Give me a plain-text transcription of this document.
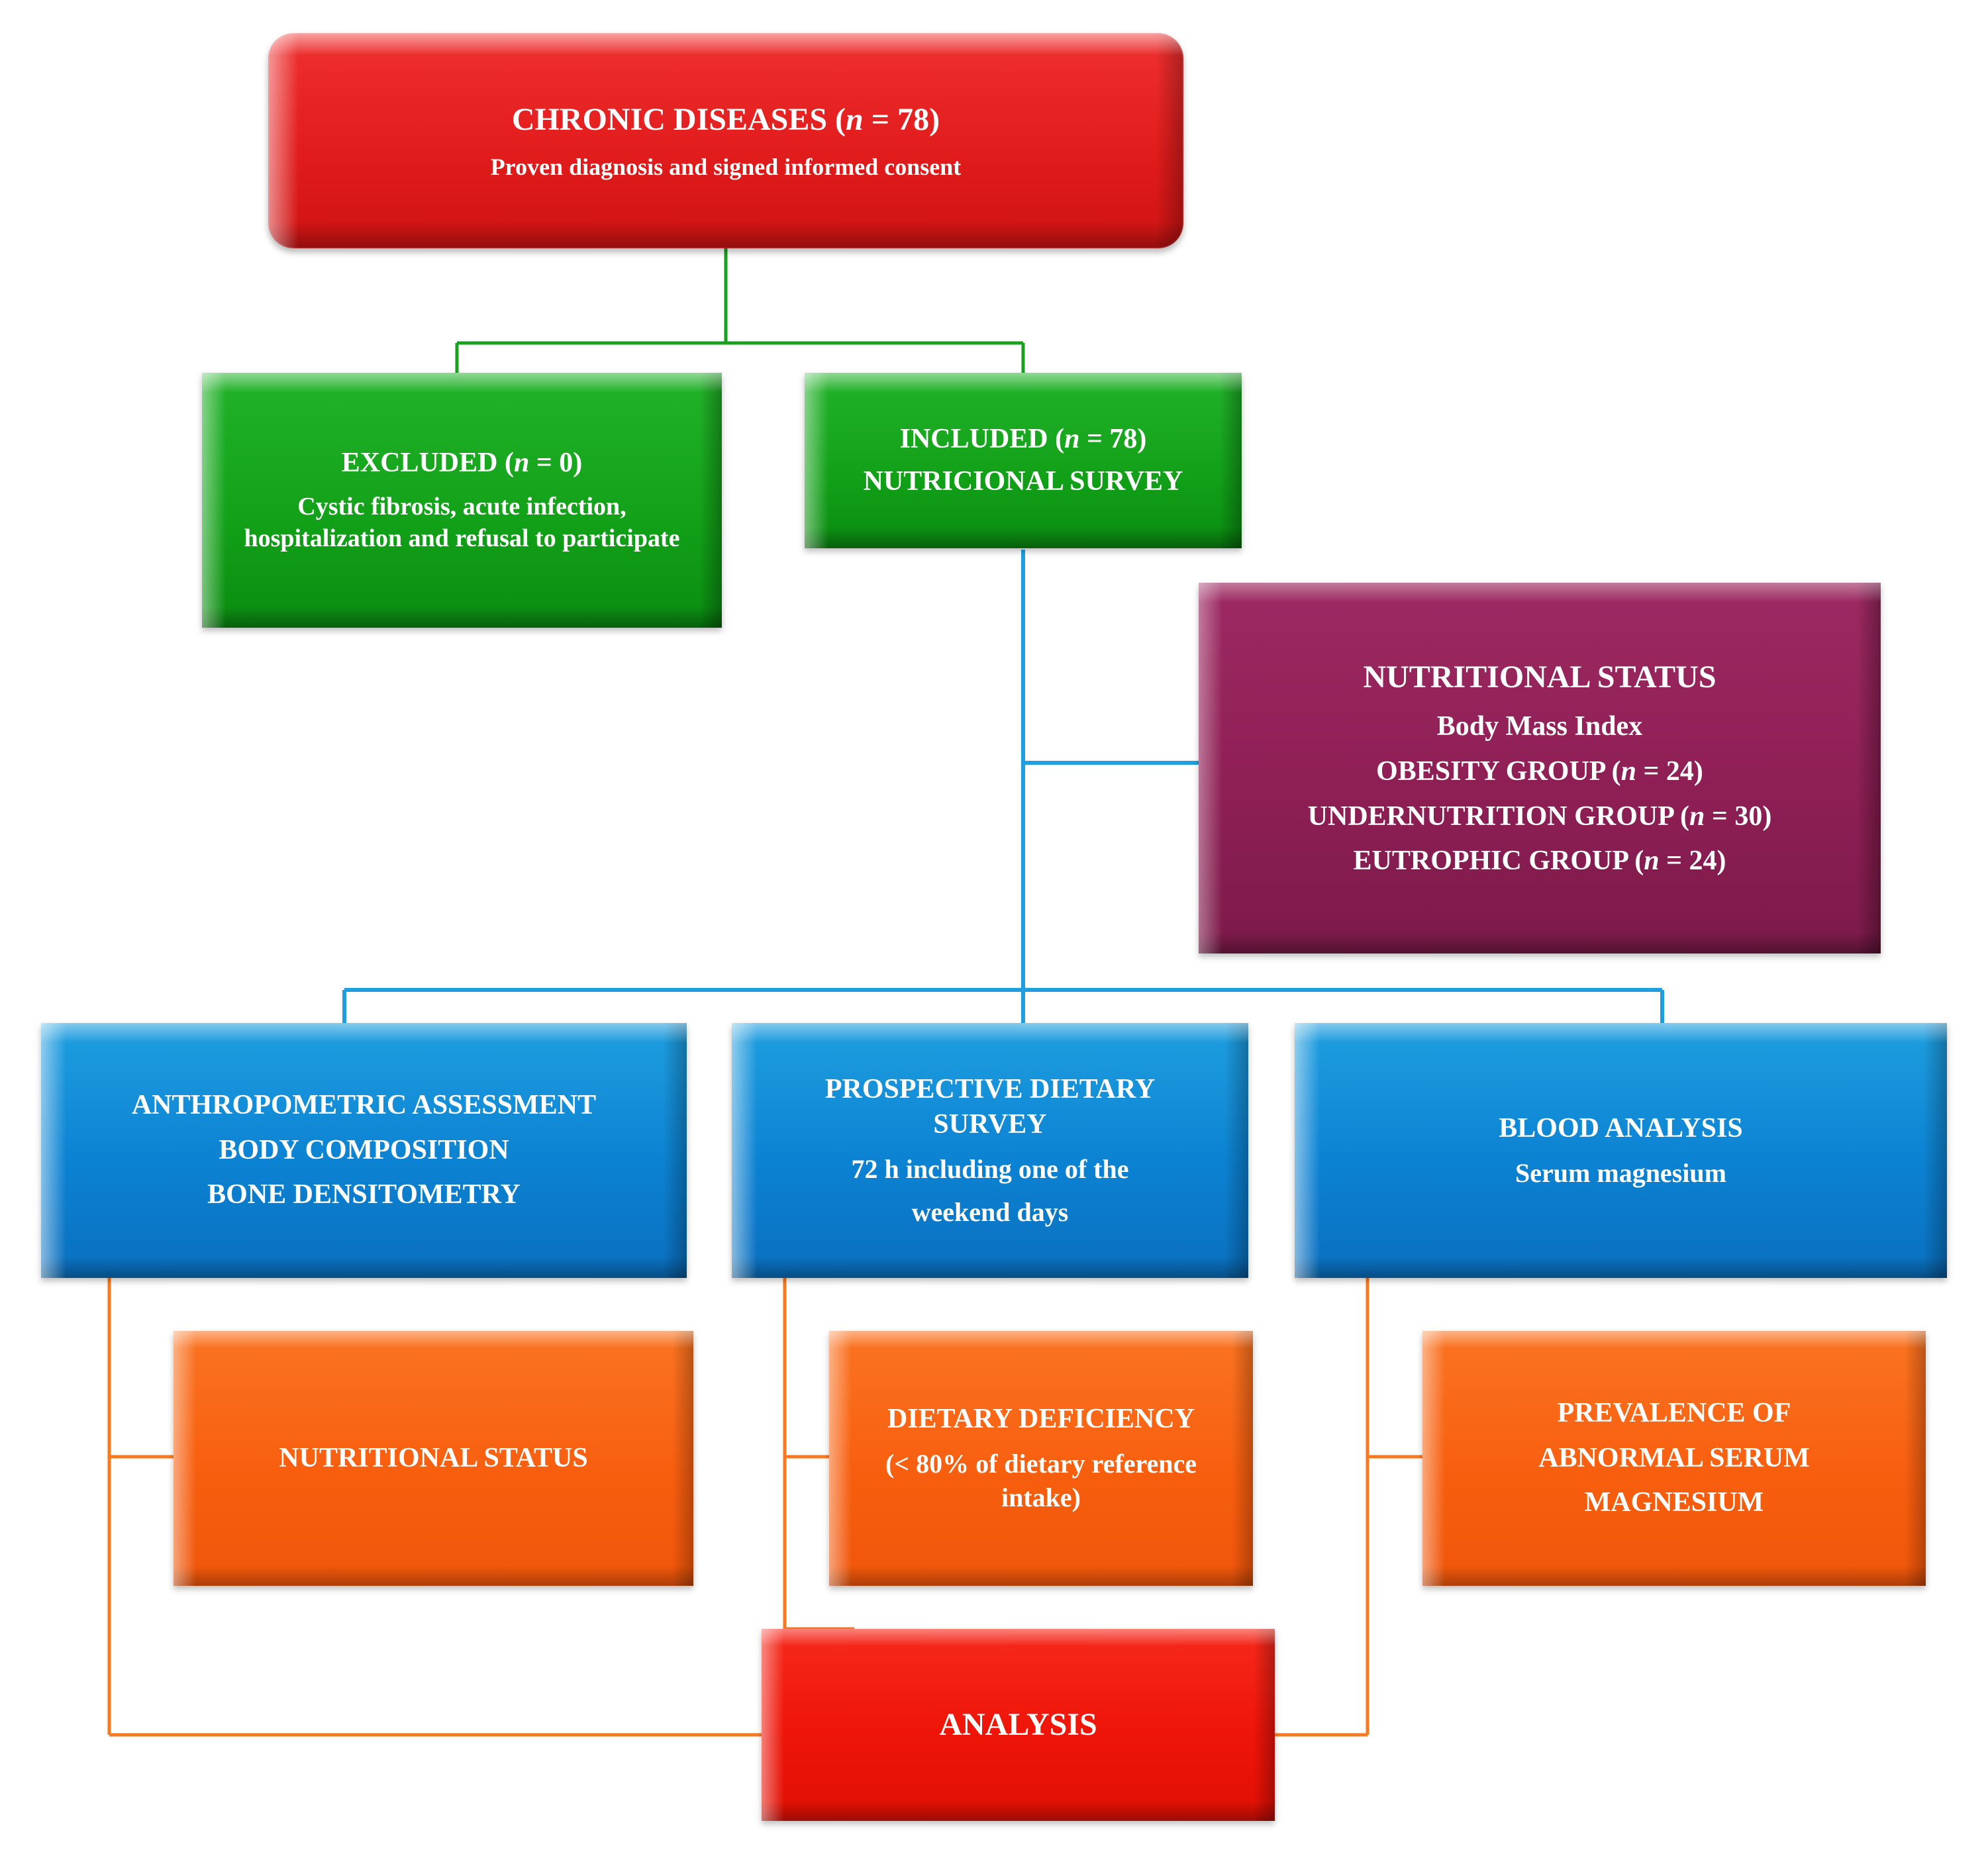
CHRONIC DISEASES (n = 78)
Proven diagnosis and signed informed consent
EXCLUDED (n = 0)
Cystic fibrosis, acute infection, hospitalization and refusal to participate
INCLUDED (n = 78)
NUTRICIONAL SURVEY
NUTRITIONAL STATUS
Body Mass Index
OBESITY GROUP (n = 24)
UNDERNUTRITION GROUP (n = 30)
EUTROPHIC GROUP (n = 24)
ANTHROPOMETRIC ASSESSMENT
BODY COMPOSITION
BONE DENSITOMETRY
PROSPECTIVE DIETARY
SURVEY
72 h including one of the
weekend days
BLOOD ANALYSIS
Serum magnesium
NUTRITIONAL STATUS
DIETARY DEFICIENCY
(< 80% of dietary reference
intake)
PREVALENCE OF
ABNORMAL SERUM
MAGNESIUM
ANALYSIS
